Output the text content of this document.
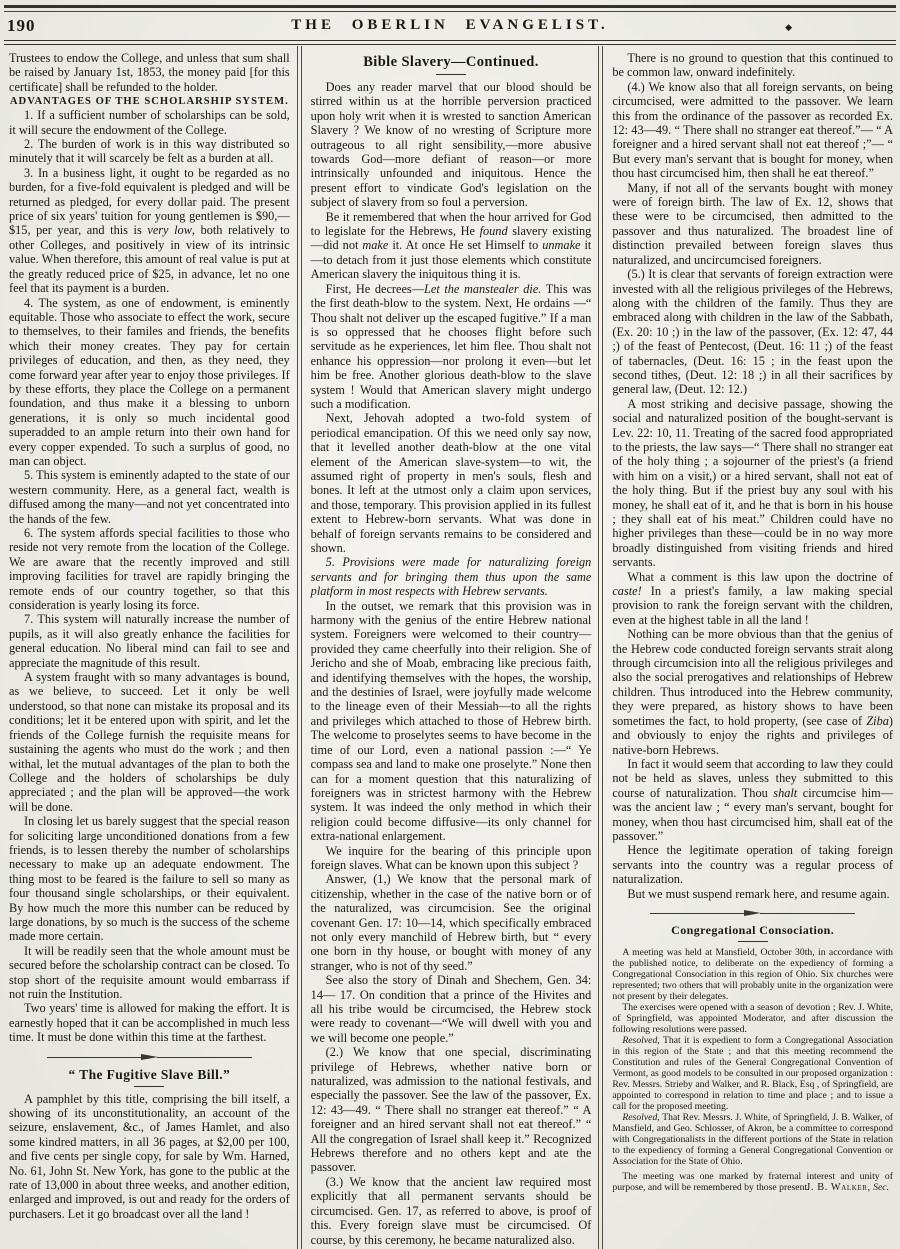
190	THE OBERLIN EVANGELIST.	◆

Trustees to endow the College, and unless that sum shall be raised by January 1st, 1853, the money paid [for this certificate] shall be refunded to the holder.

ADVANTAGES OF THE SCHOLARSHIP SYSTEM.

1. If a sufficient number of scholarships can be sold, it will secure the endowment of the College.

2. The burden of work is in this way distributed so minutely that it will scarcely be felt as a burden at all.

3. In a business light, it ought to be regarded as no burden, for a five-fold equivalent is pledged and will be returned as pledged, for every dollar paid. The present price of six years' tuition for young gentlemen is $90,—$15, per year, and this is very low, both relatively to other Colleges, and positively in view of its intrinsic value. When therefore, this amount of real value is put at the greatly reduced price of $25, in advance, let no one feel that its payment is a burden.

4. The system, as one of endowment, is eminently equitable. Those who associate to effect the work, secure to themselves, to their familes and friends, the benefits which their money creates. They pay for certain privileges of education, and then, as they need, they come forward year after year to enjoy those privileges. If by these efforts, they place the College on a permanent foundation, and thus make it a blessing to unborn generations, it is only so much incidental good superadded to an ample return into their own hand for every copper expended. To such a surplus of good, no man can object.

5. This system is eminently adapted to the state of our western community. Here, as a general fact, wealth is diffused among the many—and not yet concentrated into the hands of the few.

6. The system affords special facilities to those who reside not very remote from the location of the College. We are aware that the recently improved and still improving facilities for travel are rapidly bringing the remote ends of our country together, so that this consideration is yearly losing its force.

7. This system will naturally increase the number of pupils, as it will also greatly enhance the facilities for general education. No liberal mind can fail to see and appreciate the magnitude of this result.

A system fraught with so many advantages is bound, as we believe, to succeed. Let it only be well understood, so that none can mistake its proposal and its conditions; let it be entered upon with spirit, and let the friends of the College furnish the requisite means for sustaining the agents who must do the work ; and then withal, let the mutual advantages of the plan to both the College and the holders of scholarships be duly appreciated ; and the plan will be approved—the work will be done.

In closing let us barely suggest that the special reason for soliciting large unconditioned donations from a few friends, is to lessen thereby the number of scholarships necessary to make up an adequate endowment. The thing most to be feared is the failure to sell so many as four thousand single scholarships, or their equivalent. By how much the more this number can be reduced by large donations, by so much is the success of the scheme made more certain.

It will be readily seen that the whole amount must be secured before the scholarship contract can be closed. To stop short of the requisite amount would embarrass if not ruin the Institution.

Two years' time is allowed for making the effort. It is earnestly hoped that it can be accomplished in much less time. It must be done within this time at the farthest.

“ The Fugitive Slave Bill.”

A pamphlet by this title, comprising the bill itself, a showing of its unconstitutionality, an account of the seizure, enslavement, &c., of James Hamlet, and also some kindred matters, in all 36 pages, at $2,00 per 100, and five cents per single copy, for sale by Wm. Harned, No. 61, John St. New York, has gone to the public at the rate of 13,000 in about three weeks, and another edition, enlarged and improved, is out and ready for the orders of purchasers. Let it go broadcast over all the land !

Bible Slavery—Continued.

Does any reader marvel that our blood should be stirred within us at the horrible perversion practiced upon holy writ when it is wrested to sanction American Slavery ? We know of no wresting of Scripture more outrageous to all right sensibility,—more abusive towards God—more defiant of reason—or more intrinsically unfounded and iniquitous. Hence the present effort to vindicate God's legislation on the subject of slavery from so foul a perversion.

Be it remembered that when the hour arrived for God to legislate for the Hebrews, He found slavery existing —did not make it. At once He set Himself to unmake it —to detach from it just those elements which constitute American slavery the iniquitous thing it is.

First, He decrees—Let the manstealer die. This was the first death-blow to the system. Next, He ordains —“ Thou shalt not deliver up the escaped fugitive.” If a man is so oppressed that he chooses flight before such servitude as he experiences, let him flee. Thou shalt not enhance his oppression—nor prolong it even—but let him be free. Another glorious death-blow to the slave system ! Would that American slavery might undergo such a modification.

Next, Jehovah adopted a two-fold system of periodical emancipation. Of this we need only say now, that it levelled another death-blow at the one vital element of the American slave-system—to wit, the assumed right of property in men's souls, flesh and bones. It left at the utmost only a claim upon services, and those, temporary. This provision applied in its fullest extent to Hebrew-born servants. What was done in behalf of foreign servants remains to be considered and shown.

5. Provisions were made for naturalizing foreign servants and for bringing them thus upon the same platform in most respects with Hebrew servants.

In the outset, we remark that this provision was in harmony with the genius of the entire Hebrew national system. Foreigners were welcomed to their country—provided they came cheerfully into their religion. She of Jericho and she of Moab, embracing like precious faith, and identifying themselves with the hopes, the worship, and the destinies of Israel, were joyfully made welcome to the lineage even of their Messiah—to all the rights and privileges which attached to those of Hebrew birth. The welcome to proselytes seems to have become in the time of our Lord, even a national passion :—“ Ye compass sea and land to make one proselyte.” None then can for a moment question that this naturalizing of foreigners was in strictest harmony with the Hebrew system. It was indeed the only method in which their religion could become diffusive—its only channel for extra-national enlargement.

We inquire for the bearing of this principle upon foreign slaves. What can be known upon this subject ?

Answer, (1,) We know that the personal mark of citizenship, whether in the case of the native born or of the naturalized, was circumcision. See the original covenant Gen. 17: 10—14, which specifically embraced not only every manchild of Hebrew birth, but “ every one born in thy house, or bought with money of any stranger, who is not of thy seed.”

See also the story of Dinah and Shechem, Gen. 34: 14— 17. On condition that a prince of the Hivites and all his tribe would be circumcised, the Hebrew stock were ready to covenant—“We will dwell with you and we will become one people.”

(2.) We know that one special, discriminating privilege of Hebrews, whether native born or naturalized, was admission to the national festivals, and especially the passover. See the law of the passover, Ex. 12: 43—49. “ There shall no stranger eat thereof.” “ A foreigner and an hired servant shall not eat thereof.” “ All the congregation of Israel shall keep it.” Recognized Hebrews therefore and no others kept and ate the passover.

(3.) We know that the ancient law required most explicitly that all permanent servants should be circumcised. Gen. 17, as referred to above, is proof of this. Every foreign slave must be circumcised. Of course, by this ceremony, he became naturalized also.

There is no ground to question that this continued to be common law, onward indefinitely.

(4.) We know also that all foreign servants, on being circumcised, were admitted to the passover. We learn this from the ordinance of the passover as recorded Ex. 12: 43—49. “ There shall no stranger eat thereof.”— “ A foreigner and a hired servant shall not eat thereof ;”— “ But every man's servant that is bought for money, when thou hast circumcised him, then shall he eat thereof.”

Many, if not all of the servants bought with money were of foreign birth. The law of Ex. 12, shows that these were to be circumcised, then admitted to the passover and thus naturalized. The broadest line of distinction prevailed between foreign slaves thus naturalized, and uncircumcised foreigners.

(5.) It is clear that servants of foreign extraction were invested with all the religious privileges of the Hebrews, along with the children of the family. Thus they are embraced along with children in the law of the Sabbath, (Ex. 20: 10 ;) in the law of the passover, (Ex. 12: 47, 44 ;) of the feast of Pentecost, (Deut. 16: 11 ;) of the feast of tabernacles, (Deut. 16: 15 ; in the feast upon the second tithes, (Deut. 12: 18 ;) in all their sacrifices by general law, (Deut. 12: 12.)

A most striking and decisive passage, showing the social and naturalized position of the bought-servant is Lev. 22: 10, 11. Treating of the sacred food appropriated to the priests, the law says—“ There shall no stranger eat of the holy thing ; a sojourner of the priest's (a friend with him on a visit,) or a hired servant, shall not eat of the holy thing. But if the priest buy any soul with his money, he shall eat of it, and he that is born in his house ; they shall eat of his meat.” Children could have no higher privileges than these—could be in no way more broadly distinguished from visiting friends and hired servants.

What a comment is this law upon the doctrine of caste! In a priest's family, a law making special provision to rank the foreign servant with the children, even at the highest table in all the land !

Nothing can be more obvious than that the genius of the Hebrew code conducted foreign servants strait along through circumcision into all the religious privileges and also the social prerogatives and relationships of Hebrew children. Thus introduced into the Hebrew community, they were prepared, as history shows to have been sometimes the fact, to hold property, (see case of Ziba) and obviously to enjoy the rights and privileges of native-born Hebrews.

In fact it would seem that according to law they could not be held as slaves, unless they submitted to this course of naturalization. Thou shalt circumcise him—was the ancient law ; “ every man's servant, bought for money, when thou hast circumcised him, shall eat of the passover.”

Hence the legitimate operation of taking foreign servants into the country was a regular process of naturalization.

But we must suspend remark here, and resume again.

Congregational Consociation.

A meeting was held at Mansfield, October 30th, in accordance with the published notice, to deliberate on the expediency of forming a Congregational Consociation in this region of Ohio. Six churches were represented; two others that will probably unite in the organization were not present by their delegates.

The exercises were opened with a season of devotion ; Rev. J. White, of Springfield, was appointed Moderator, and after discussion the following resolutions were passed.

Resolved, That it is expedient to form a Congregational Association in this region of the State ; and that this meeting recommend the Constitution and rules of the General Congregational Convention of Vermont, as good models to be consulted in our proposed organization : Rev. Messrs. Strieby and Walker, and R. Black, Esq , of Springfield, are appointed to correspond in relation to time and place ; and to issue a call for the proposed meeting.

Resolved, That Rev. Messrs. J. White, of Springfield, J. B. Walker, of Mansfield, and Geo. Schlosser, of Akron, be a committee to correspond with Congregationalists in the different portions of the State in relation to the expediency of forming a General Congregational Convention or Association for the State of Ohio.

The meeting was one marked by fraternal interest and unity of purpose, and will be remembered by those present.

J. B. Walker, Sec.
